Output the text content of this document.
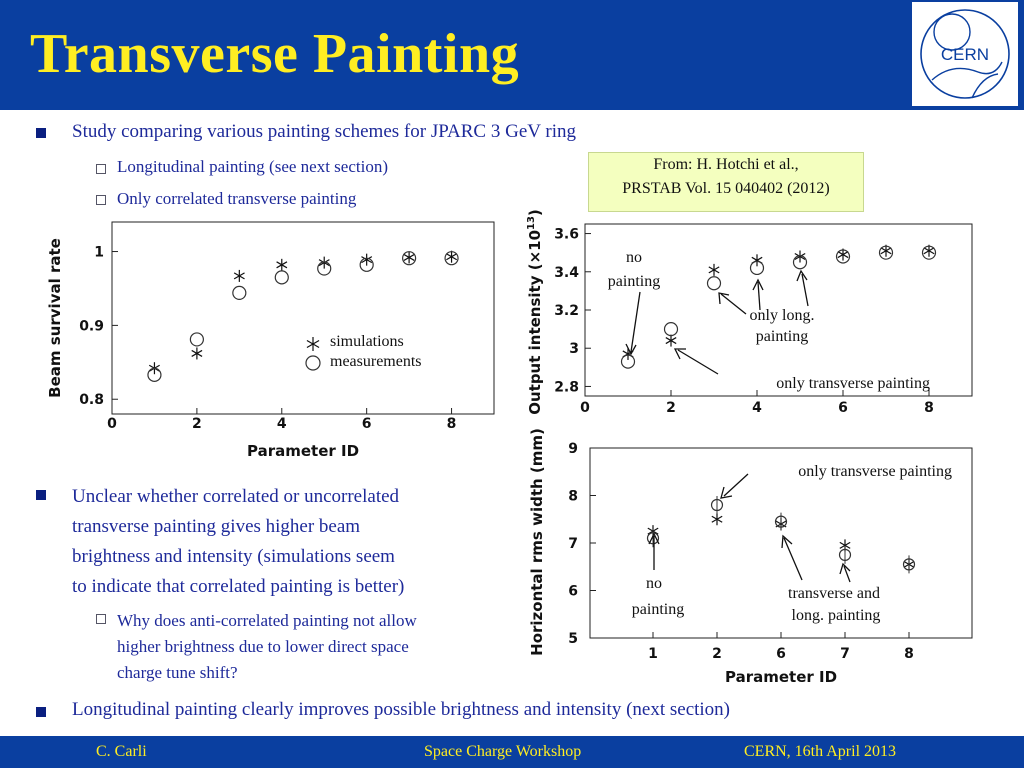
Transverse Painting	CERN
Study comparing various painting schemes for JPARC 3 GeV ring
Longitudinal painting (see next section)
Only correlated transverse painting
From: H. Hotchi et al.,
PRSTAB Vol. 15 040402 (2012)
Unclear whether correlated or uncorrelated
transverse painting gives higher beam
brightness and intensity (simulations seem
to indicate that correlated painting is better)
Why does anti-correlated painting not allow
higher brightness due to lower direct space
charge tune shift?
Longitudinal painting clearly improves possible brightness and intensity (next section)
0	2	4	6	8
0.8
0.9
1
Parameter ID
Beam survival rate	simulations
measurements
0	2	4	6	8
2.8
3
3.2
3.4
3.6
Output intensity $(\times 10^{13})$
no
painting
only long.
painting
only transverse painting
1	2	6	7	8
5
6
7
8
9
Parameter ID
Horizontal rms width (mm)	only transverse painting
no
painting
transverse and
long. painting
C. Carli	Space Charge Workshop	CERN, 16th April 2013
